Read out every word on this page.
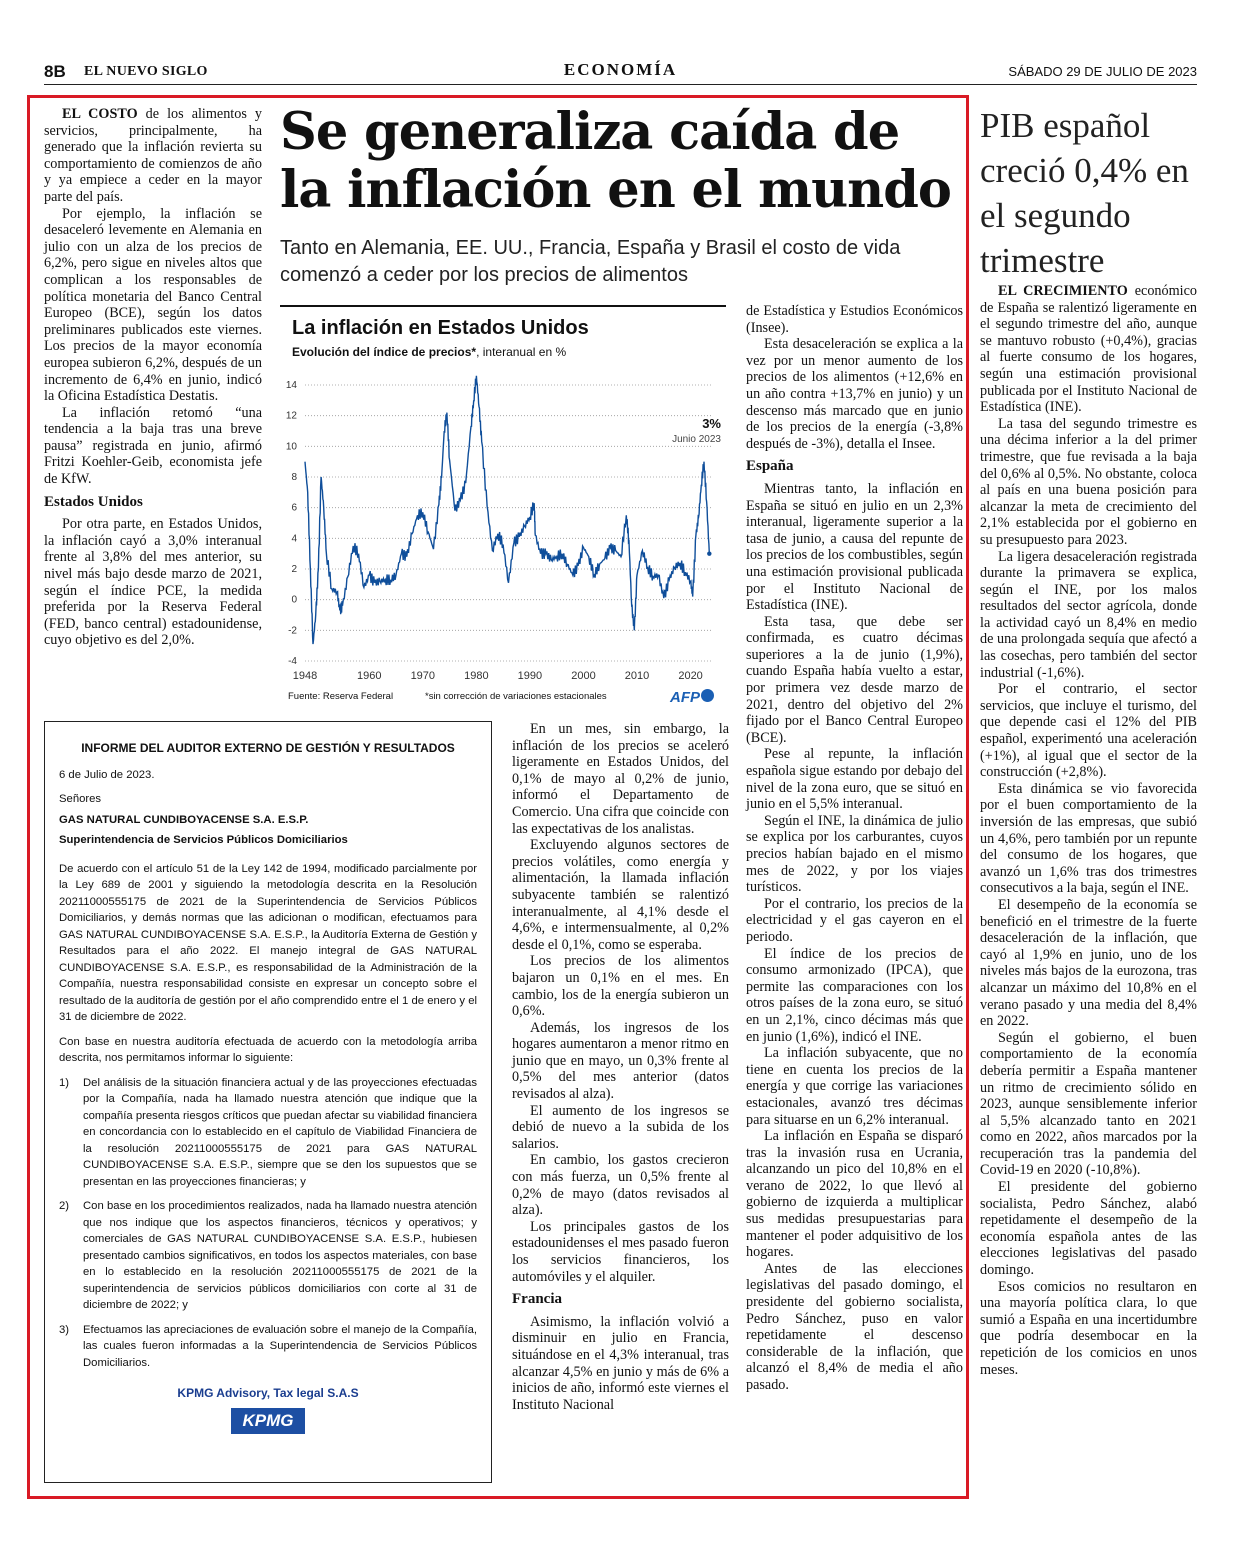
8B EL NUEVO SIGLO	ECONOMÍA	SÁBADO 29 DE JULIO DE 2023

EL COSTO de los alimentos y servicios, principalmente, ha generado que la inflación revierta su comportamiento de comienzos de año y ya empiece a ceder en la mayor parte del país.

Por ejemplo, la inflación se desaceleró levemente en Alemania en julio con un alza de los precios de 6,2%, pero sigue en niveles altos que complican a los responsables de política monetaria del Banco Central Europeo (BCE), según los datos preliminares publicados este viernes. Los precios de la mayor economía europea subieron 6,2%, después de un incremento de 6,4% en junio, indicó la Oficina Estadística Destatis.

La inflación retomó “una tendencia a la baja tras una breve pausa” registrada en junio, afirmó Fritzi Koehler-Geib, economista jefe de KfW.

Estados Unidos

Por otra parte, en Estados Unidos, la inflación cayó a 3,0% interanual frente al 3,8% del mes anterior, su nivel más bajo desde marzo de 2021, según el índice PCE, la medida preferida por la Reserva Federal (FED, banco central) estadounidense, cuyo objetivo es del 2,0%.

Se generaliza caída de la inflación en el mundo
Tanto en Alemania, EE. UU., Francia, España y Brasil el costo de vida comenzó a ceder por los precios de alimentos
La inflación en Estados Unidos
Evolución del índice de precios*, interanual en %
-4
-2
0
2
4
6
8
10
12
14
1948	1960	1970	1980	1990	2000	2010	2020
3%
Junio 2023
Fuente: Reserva Federal	*sin corrección de variaciones estacionales	AFP

En un mes, sin embargo, la inflación de los precios se aceleró ligeramente en Estados Unidos, del 0,1% de mayo al 0,2% de junio, informó el Departamento de Comercio. Una cifra que coincide con las expectativas de los analistas.

Excluyendo algunos sectores de precios volátiles, como energía y alimentación, la llamada inflación subyacente también se ralentizó interanualmente, al 4,1% desde el 4,6%, e intermensualmente, al 0,2% desde el 0,1%, como se esperaba.

Los precios de los alimentos bajaron un 0,1% en el mes. En cambio, los de la energía subieron un 0,6%.

Además, los ingresos de los hogares aumentaron a menor ritmo en junio que en mayo, un 0,3% frente al 0,5% del mes anterior (datos revisados al alza).

El aumento de los ingresos se debió de nuevo a la subida de los salarios.

En cambio, los gastos crecieron con más fuerza, un 0,5% frente al 0,2% de mayo (datos revisados al alza).

Los principales gastos de los estadounidenses el mes pasado fueron los servicios financieros, los automóviles y el alquiler.

Francia

Asimismo, la inflación volvió a disminuir en julio en Francia, situándose en el 4,3% interanual, tras alcanzar 4,5% en junio y más de 6% a inicios de año, informó este viernes el Instituto Nacional

de Estadística y Estudios Económicos (Insee).

Esta desaceleración se explica a la vez por un menor aumento de los precios de los alimentos (+12,6% en un año contra +13,7% en junio) y un descenso más marcado que en junio de los precios de la energía (-3,8% después de -3%), detalla el Insee.

España

Mientras tanto, la inflación en España se situó en julio en un 2,3% interanual, ligeramente superior a la tasa de junio, a causa del repunte de los precios de los combustibles, según una estimación provisional publicada por el Instituto Nacional de Estadística (INE).

Esta tasa, que debe ser confirmada, es cuatro décimas superiores a la de junio (1,9%), cuando España había vuelto a estar, por primera vez desde marzo de 2021, dentro del objetivo del 2% fijado por el Banco Central Europeo (BCE).

Pese al repunte, la inflación española sigue estando por debajo del nivel de la zona euro, que se situó en junio en el 5,5% interanual.

Según el INE, la dinámica de julio se explica por los carburantes, cuyos precios habían bajado en el mismo mes de 2022, y por los viajes turísticos.

Por el contrario, los precios de la electricidad y el gas cayeron en el periodo.

El índice de los precios de consumo armonizado (IPCA), que permite las comparaciones con los otros países de la zona euro, se situó en un 2,1%, cinco décimas más que en junio (1,6%), indicó el INE.

La inflación subyacente, que no tiene en cuenta los precios de la energía y que corrige las variaciones estacionales, avanzó tres décimas para situarse en un 6,2% interanual.

La inflación en España se disparó tras la invasión rusa en Ucrania, alcanzando un pico del 10,8% en el verano de 2022, lo que llevó al gobierno de izquierda a multiplicar sus medidas presupuestarias para mantener el poder adquisitivo de los hogares.

Antes de las elecciones legislativas del pasado domingo, el presidente del gobierno socialista, Pedro Sánchez, puso en valor repetidamente el descenso considerable de la inflación, que alcanzó el 8,4% de media el año pasado.

INFORME DEL AUDITOR EXTERNO DE GESTIÓN Y RESULTADOS
6 de Julio de 2023.
Señores
GAS NATURAL CUNDIBOYACENSE S.A. E.S.P.
Superintendencia de Servicios Públicos Domiciliarios
De acuerdo con el artículo 51 de la Ley 142 de 1994, modificado parcialmente por la Ley 689 de 2001 y siguiendo la metodología descrita en la Resolución 20211000555175 de 2021 de la Superintendencia de Servicios Públicos Domiciliarios, y demás normas que las adicionan o modifican, efectuamos para GAS NATURAL CUNDIBOYACENSE S.A. E.S.P., la Auditoría Externa de Gestión y Resultados para el año 2022. El manejo integral de GAS NATURAL CUNDIBOYACENSE S.A. E.S.P., es responsabilidad de la Administración de la Compañía, nuestra responsabilidad consiste en expresar un concepto sobre el resultado de la auditoría de gestión por el año comprendido entre el 1 de enero y el 31 de diciembre de 2022.
Con base en nuestra auditoría efectuada de acuerdo con la metodología arriba descrita, nos permitamos informar lo siguiente:
1) Del análisis de la situación financiera actual y de las proyecciones efectuadas por la Compañía, nada ha llamado nuestra atención que indique que la compañía presenta riesgos críticos que puedan afectar su viabilidad financiera en concordancia con lo establecido en el capítulo de Viabilidad Financiera de la resolución 20211000555175 de 2021 para GAS NATURAL CUNDIBOYACENSE S.A. E.S.P., siempre que se den los supuestos que se presentan en las proyecciones financieras; y
2) Con base en los procedimientos realizados, nada ha llamado nuestra atención que nos indique que los aspectos financieros, técnicos y operativos; y comerciales de GAS NATURAL CUNDIBOYACENSE S.A. E.S.P., hubiesen presentado cambios significativos, en todos los aspectos materiales, con base en lo establecido en la resolución 20211000555175 de 2021 de la superintendencia de servicios públicos domiciliarios con corte al 31 de diciembre de 2022; y
3) Efectuamos las apreciaciones de evaluación sobre el manejo de la Compañía, las cuales fueron informadas a la Superintendencia de Servicios Públicos Domiciliarios.
KPMG Advisory, Tax legal S.A.S
KPMG
PIB español creció 0,4% en el segundo trimestre

EL CRECIMIENTO económico de España se ralentizó ligeramente en el segundo trimestre del año, aunque se mantuvo robusto (+0,4%), gracias al fuerte consumo de los hogares, según una estimación provisional publicada por el Instituto Nacional de Estadística (INE).

La tasa del segundo trimestre es una décima inferior a la del primer trimestre, que fue revisada a la baja del 0,6% al 0,5%. No obstante, coloca al país en una buena posición para alcanzar la meta de crecimiento del 2,1% establecida por el gobierno en su presupuesto para 2023.

La ligera desaceleración registrada durante la primavera se explica, según el INE, por los malos resultados del sector agrícola, donde la actividad cayó un 8,4% en medio de una prolongada sequía que afectó a las cosechas, pero también del sector industrial (-1,6%).

Por el contrario, el sector servicios, que incluye el turismo, del que depende casi el 12% del PIB español, experimentó una aceleración (+1%), al igual que el sector de la construcción (+2,8%).

Esta dinámica se vio favorecida por el buen comportamiento de la inversión de las empresas, que subió un 4,6%, pero también por un repunte del consumo de los hogares, que avanzó un 1,6% tras dos trimestres consecutivos a la baja, según el INE.

El desempeño de la economía se benefició en el trimestre de la fuerte desaceleración de la inflación, que cayó al 1,9% en junio, uno de los niveles más bajos de la eurozona, tras alcanzar un máximo del 10,8% en el verano pasado y una media del 8,4% en 2022.

Según el gobierno, el buen comportamiento de la economía debería permitir a España mantener un ritmo de crecimiento sólido en 2023, aunque sensiblemente inferior al 5,5% alcanzado tanto en 2021 como en 2022, años marcados por la recuperación tras la pandemia del Covid-19 en 2020 (-10,8%).

El presidente del gobierno socialista, Pedro Sánchez, alabó repetidamente el desempeño de la economía española antes de las elecciones legislativas del pasado domingo.

Esos comicios no resultaron en una mayoría política clara, lo que sumió a España en una incertidumbre que podría desembocar en la repetición de los comicios en unos meses.
